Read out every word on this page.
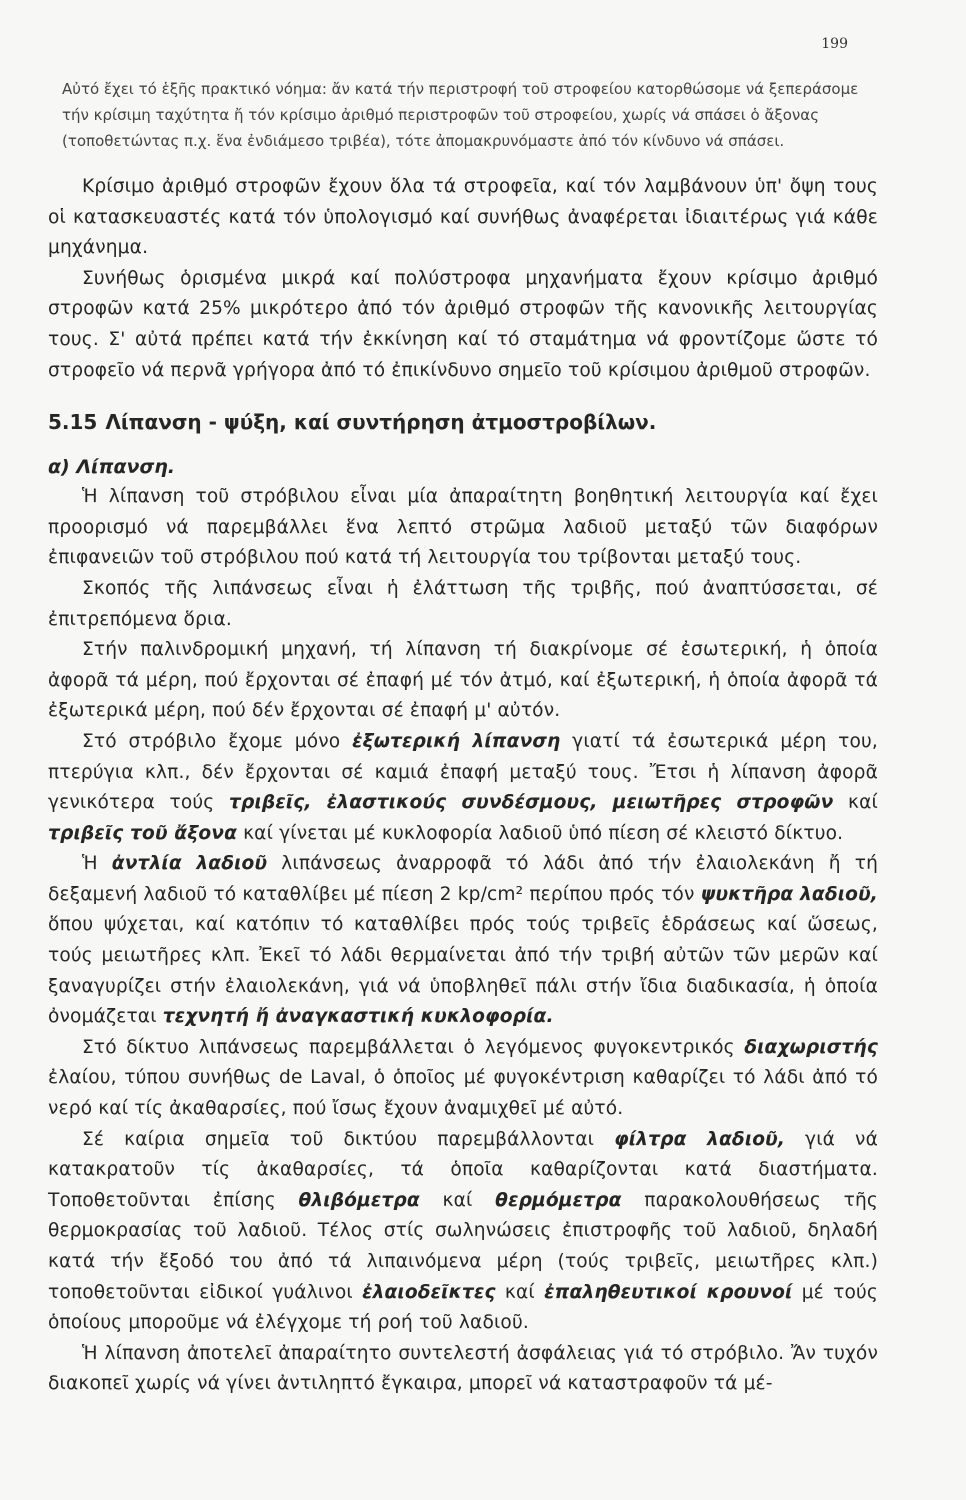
199

Αὐτό ἔχει τό ἑξῆς πρακτικό νόημα: ἄν κατά τήν περιστροφή τοῦ στροφείου κατορθώσομε νά ξεπεράσομε τήν κρίσιμη ταχύτητα ἤ τόν κρίσιμο ἀριθμό περιστροφῶν τοῦ στροφείου, χωρίς νά σπάσει ὁ ἄξονας (τοποθετώντας π.χ. ἕνα ἐνδιάμεσο τριβέα), τότε ἀπομακρυνόμαστε ἀπό τόν κίνδυνο νά σπάσει.

Κρίσιμο ἀριθμό στροφῶν ἔχουν ὅλα τά στροφεῖα, καί τόν λαμβάνουν ὑπ' ὄψη τους οἱ κατασκευαστές κατά τόν ὑπολογισμό καί συνήθως ἀναφέρεται ἰδιαιτέρως γιά κάθε μηχάνημα.

Συνήθως ὁρισμένα μικρά καί πολύστροφα μηχανήματα ἔχουν κρίσιμο ἀριθμό στροφῶν κατά 25% μικρότερο ἀπό τόν ἀριθμό στροφῶν τῆς κανονικῆς λειτουργίας τους. Σ' αὐτά πρέπει κατά τήν ἐκκίνηση καί τό σταμάτημα νά φροντίζομε ὥστε τό στροφεῖο νά περνᾶ γρήγορα ἀπό τό ἐπικίνδυνο σημεῖο τοῦ κρίσιμου ἀριθμοῦ στροφῶν.

5.15 Λίπανση - ψύξη, καί συντήρηση ἀτμοστροβίλων.
α) Λίπανση.

Ἡ λίπανση τοῦ στρόβιλου εἶναι μία ἀπαραίτητη βοηθητική λειτουργία καί ἔχει προορισμό νά παρεμβάλλει ἕνα λεπτό στρῶμα λαδιοῦ μεταξύ τῶν διαφόρων ἐπιφανειῶν τοῦ στρόβιλου πού κατά τή λειτουργία του τρίβονται μεταξύ τους.

Σκοπός τῆς λιπάνσεως εἶναι ἡ ἐλάττωση τῆς τριβῆς, πού ἀναπτύσσεται, σέ ἐπιτρεπόμενα ὅρια.

Στήν παλινδρομική μηχανή, τή λίπανση τή διακρίνομε σέ ἐσωτερική, ἡ ὁποία ἀφορᾶ τά μέρη, πού ἔρχονται σέ ἐπαφή μέ τόν ἀτμό, καί ἐξωτερική, ἡ ὁποία ἀφορᾶ τά ἐξωτερικά μέρη, πού δέν ἔρχονται σέ ἐπαφή μ' αὐτόν.

Στό στρόβιλο ἔχομε μόνο ἐξωτερική λίπανση γιατί τά ἐσωτερικά μέρη του, πτερύγια κλπ., δέν ἔρχονται σέ καμιά ἐπαφή μεταξύ τους. Ἔτσι ἡ λίπανση ἀφορᾶ γενικότερα τούς τριβεῖς, ἐλαστικούς συνδέσμους, μειωτῆρες στροφῶν καί τριβεῖς τοῦ ἄξονα καί γίνεται μέ κυκλοφορία λαδιοῦ ὑπό πίεση σέ κλειστό δίκτυο.

Ἡ ἀντλία λαδιοῦ λιπάνσεως ἀναρροφᾶ τό λάδι ἀπό τήν ἐλαιολεκάνη ἤ τή δεξαμενή λαδιοῦ τό καταθλίβει μέ πίεση 2 kp/cm² περίπου πρός τόν ψυκτῆρα λαδιοῦ, ὅπου ψύχεται, καί κατόπιν τό καταθλίβει πρός τούς τριβεῖς ἑδράσεως καί ὥσεως, τούς μειωτῆρες κλπ. Ἐκεῖ τό λάδι θερμαίνεται ἀπό τήν τριβή αὐτῶν τῶν μερῶν καί ξαναγυρίζει στήν ἐλαιολεκάνη, γιά νά ὑποβληθεῖ πάλι στήν ἴδια διαδικασία, ἡ ὁποία ὀνομάζεται τεχνητή ἤ ἀναγκαστική κυκλοφορία.

Στό δίκτυο λιπάνσεως παρεμβάλλεται ὁ λεγόμενος φυγοκεντρικός διαχωριστής ἐλαίου, τύπου συνήθως de Laval, ὁ ὁποῖος μέ φυγοκέντριση καθαρίζει τό λάδι ἀπό τό νερό καί τίς ἀκαθαρσίες, πού ἴσως ἔχουν ἀναμιχθεῖ μέ αὐτό.

Σέ καίρια σημεῖα τοῦ δικτύου παρεμβάλλονται φίλτρα λαδιοῦ, γιά νά κατακρατοῦν τίς ἀκαθαρσίες, τά ὁποῖα καθαρίζονται κατά διαστήματα. Τοποθετοῦνται ἐπίσης θλιβόμετρα καί θερμόμετρα παρακολουθήσεως τῆς θερμοκρασίας τοῦ λαδιοῦ. Τέλος στίς σωληνώσεις ἐπιστροφῆς τοῦ λαδιοῦ, δηλαδή κατά τήν ἔξοδό του ἀπό τά λιπαινόμενα μέρη (τούς τριβεῖς, μειωτῆρες κλπ.) τοποθετοῦνται εἰδικοί γυάλινοι ἐλαιοδεῖκτες καί ἐπαληθευτικοί κρουνοί μέ τούς ὁποίους μποροῦμε νά ἐλέγχομε τή ροή τοῦ λαδιοῦ.

Ἡ λίπανση ἀποτελεῖ ἀπαραίτητο συντελεστή ἀσφάλειας γιά τό στρόβιλο. Ἄν τυχόν διακοπεῖ χωρίς νά γίνει ἀντιληπτό ἔγκαιρα, μπορεῖ νά καταστραφοῦν τά μέ-
